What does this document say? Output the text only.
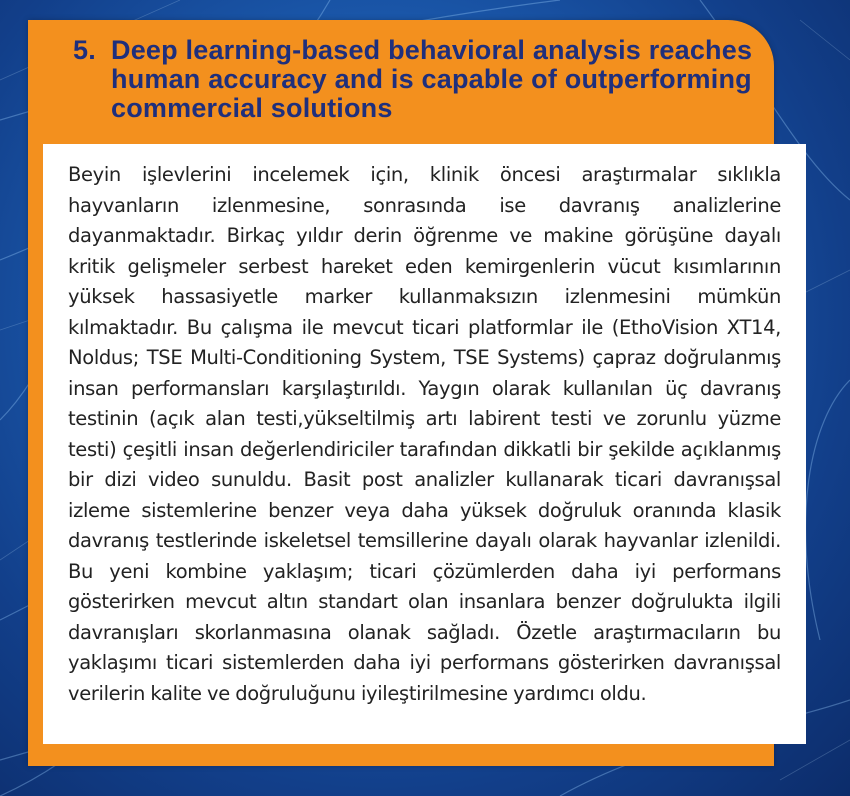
5. Deep learning-based behavioral analysis reaches human accuracy and is capable of outperforming commercial solutions

Beyin işlevlerini incelemek için, klinik öncesi araştırmalar sıklıkla hayvanların izlenmesine, sonrasında ise davranış analizlerine dayanmaktadır. Birkaç yıldır derin öğrenme ve makine görüşüne dayalı kritik gelişmeler serbest hareket eden kemirgenlerin vücut kısımlarının yüksek hassasiyetle marker kullanmaksızın izlenmesini mümkün kılmaktadır. Bu çalışma ile mevcut ticari platformlar ile (EthoVision XT14, Noldus; TSE Multi-Conditioning System, TSE Systems) çapraz doğrulanmış insan performansları karşılaştırıldı. Yaygın olarak kullanılan üç davranış testinin (açık alan testi,yükseltilmiş artı labirent testi ve zorunlu yüzme testi) çeşitli insan değerlendiriciler tarafından dikkatli bir şekilde açıklanmış bir dizi video sunuldu. Basit post analizler kullanarak ticari davranışsal izleme sistemlerine benzer veya daha yüksek doğruluk oranında klasik davranış testlerinde iskeletsel temsillerine dayalı olarak hayvanlar izlenildi. Bu yeni kombine yaklaşım; ticari çözümlerden daha iyi performans gösterirken mevcut altın standart olan insanlara benzer doğrulukta ilgili davranışları skorlanmasına olanak sağladı. Özetle araştırmacıların bu yaklaşımı ticari sistemlerden daha iyi performans gösterirken davranışsal verilerin kalite ve doğruluğunu iyileştirilmesine yardımcı oldu.
